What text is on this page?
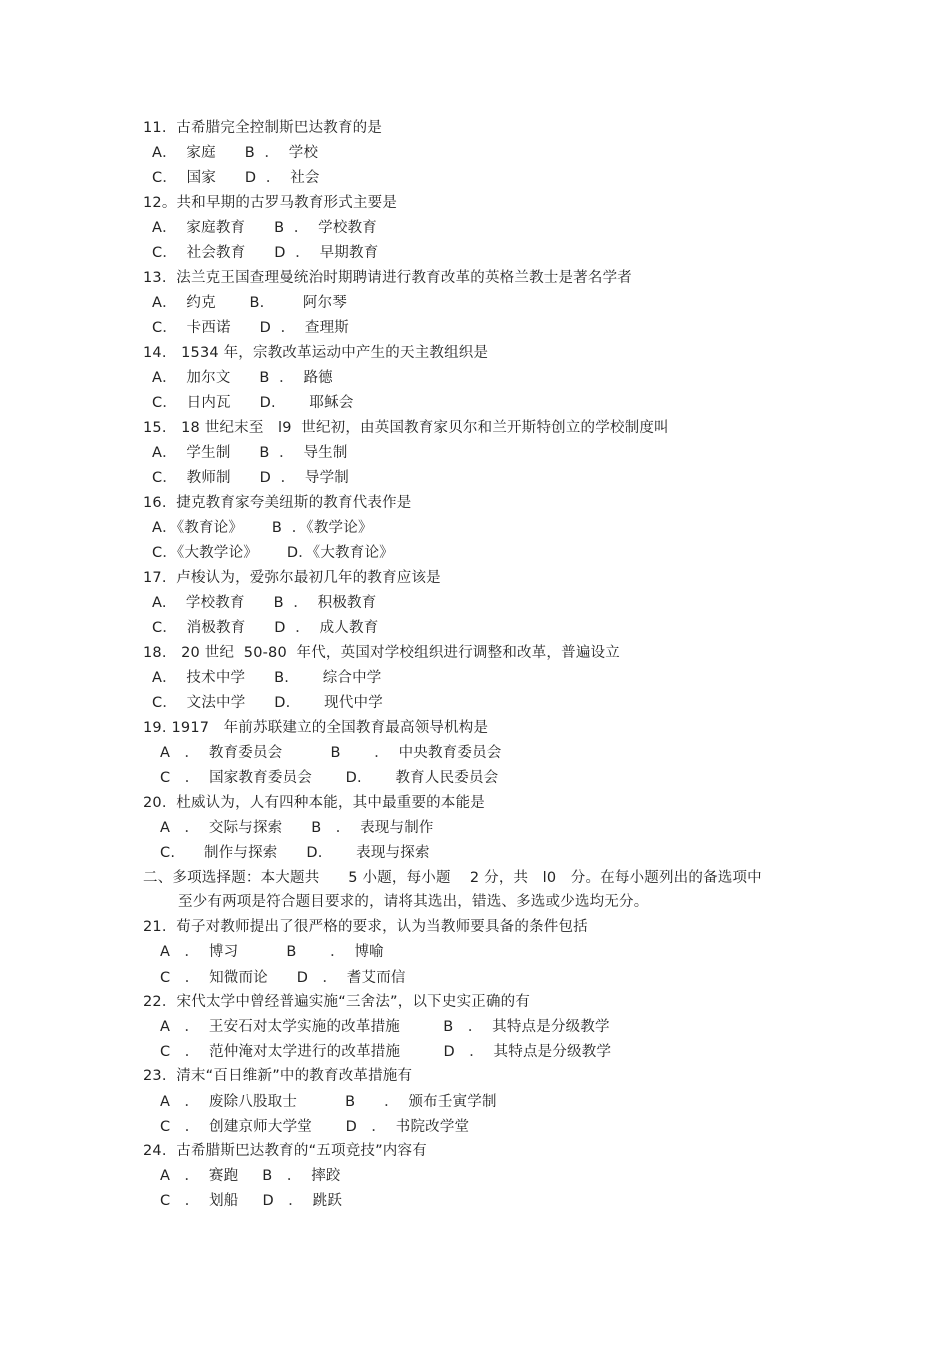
11.  古希腊完全控制斯巴达教育的是
A．  家庭      B  ．  学校
C．  国家      D  ．  社会
12。共和早期的古罗马教育形式主要是
A．  家庭教育      B  ．  学校教育
C．  社会教育      D  ．  早期教育
13.  法兰克王国查理曼统治时期聘请进行教育改革的英格兰教士是著名学者
A．  约克       B.        阿尔琴
C．  卡西诺      D  ．  查理斯
14.   1534 年，宗教改革运动中产生的天主教组织是
A．  加尔文      B  ．  路德
C．  日内瓦      D.       耶稣会
15.   18 世纪末至   l9  世纪初，由英国教育家贝尔和兰开斯特创立的学校制度叫
A．  学生制      B  ．  导生制
C．  教师制      D  ．  导学制
16.  捷克教育家夸美纽斯的教育代表作是
A．《教育论》      B  ．《教学论》
C．《大教学论》      D．《大教育论》
17.  卢梭认为，爱弥尔最初几年的教育应该是
A.    学校教育      B  ．  积极教育
C．  消极教育      D  ．  成人教育
18.   20 世纪  50-80  年代，英国对学校组织进行调整和改革，普遍设立
A．  技术中学      B.       综合中学
C．  文法中学      D.       现代中学
19. 1917   年前苏联建立的全国教育最高领导机构是
A   ．  教育委员会          B       ．  中央教育委员会
C   ．  国家教育委员会       D.       教育人民委员会
20.  杜威认为，人有四种本能，其中最重要的本能是
A   ．  交际与探索      B   ．  表现与制作
C.      制作与探索      D.       表现与探索
二、多项选择题：本大题共      5 小题，每小题    2 分，共   l0   分。在每小题列出的备选项中
至少有两项是符合题目要求的，请将其选出，错选、多选或少选均无分。
21.  荀子对教师提出了很严格的要求，认为当教师要具备的条件包括
A   ．  博习          B       ．  博喻
C   ．  知微而论      D   ．  耆艾而信
22．宋代太学中曾经普遍实施“三舍法”，以下史实正确的有
A   ．  王安石对太学实施的改革措施         B   ．  其特点是分级教学
C   ．  范仲淹对太学进行的改革措施         D   ．  其特点是分级教学
23.  清末“百日维新”中的教育改革措施有
A   ．  废除八股取士          B      ．  颁布壬寅学制
C   ．  创建京师大学堂       D   ．  书院改学堂
24.  古希腊斯巴达教育的“五项竞技”内容有
A   ．  赛跑     B   ．  摔跤
C   ．  划船     D   ．  跳跃
